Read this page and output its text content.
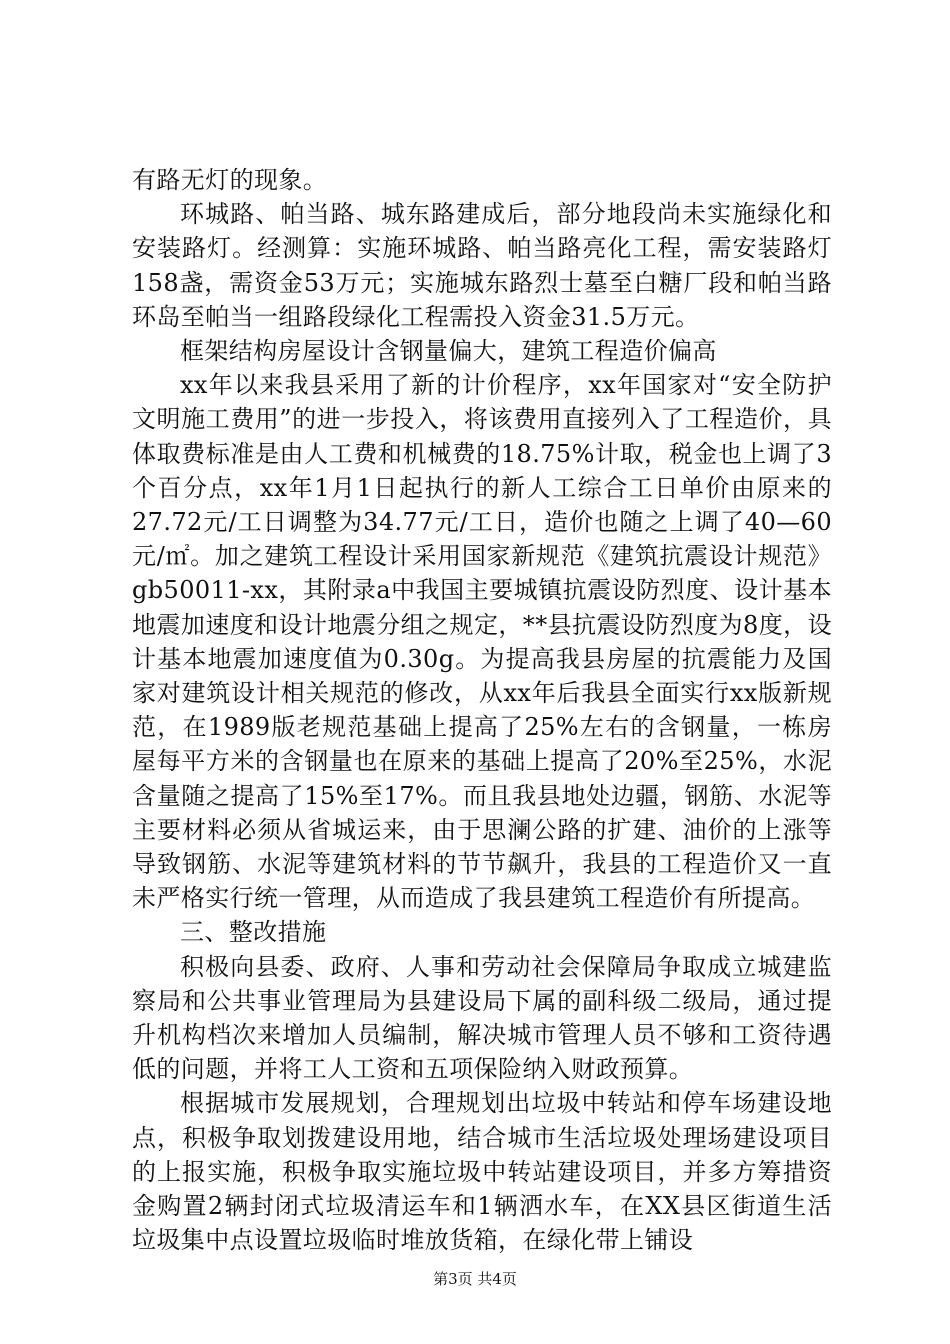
有路无灯的现象。

环城路、帕当路、城东路建成后，部分地段尚未实施绿化和安装路灯。经测算：实施环城路、帕当路亮化工程，需安装路灯158盏，需资金53万元；实施城东路烈士墓至白糖厂段和帕当路环岛至帕当一组路段绿化工程需投入资金31.5万元。

框架结构房屋设计含钢量偏大，建筑工程造价偏高

xx年以来我县采用了新的计价程序，xx年国家对“安全防护文明施工费用”的进一步投入，将该费用直接列入了工程造价，具体取费标准是由人工费和机械费的18.75%计取，税金也上调了3个百分点，xx年1月1日起执行的新人工综合工日单价由原来的27.72元/工日调整为34.77元/工日，造价也随之上调了40—60元/㎡。加之建筑工程设计采用国家新规范《建筑抗震设计规范》gb50011-xx，其附录a中我国主要城镇抗震设防烈度、设计基本地震加速度和设计地震分组之规定，**县抗震设防烈度为8度，设计基本地震加速度值为0.30g。为提高我县房屋的抗震能力及国家对建筑设计相关规范的修改，从xx年后我县全面实行xx版新规范，在1989版老规范基础上提高了25%左右的含钢量，一栋房屋每平方米的含钢量也在原来的基础上提高了20%至25%，水泥含量随之提高了15%至17%。而且我县地处边疆，钢筋、水泥等主要材料必须从省城运来，由于思澜公路的扩建、油价的上涨等导致钢筋、水泥等建筑材料的节节飙升，我县的工程造价又一直未严格实行统一管理，从而造成了我县建筑工程造价有所提高。

三、整改措施

积极向县委、政府、人事和劳动社会保障局争取成立城建监察局和公共事业管理局为县建设局下属的副科级二级局，通过提升机构档次来增加人员编制，解决城市管理人员不够和工资待遇低的问题，并将工人工资和五项保险纳入财政预算。

根据城市发展规划，合理规划出垃圾中转站和停车场建设地点，积极争取划拨建设用地，结合城市生活垃圾处理场建设项目的上报实施，积极争取实施垃圾中转站建设项目，并多方筹措资金购置2辆封闭式垃圾清运车和1辆洒水车，在XX县区街道生活垃圾集中点设置垃圾临时堆放货箱，在绿化带上铺设

第3页 共4页
